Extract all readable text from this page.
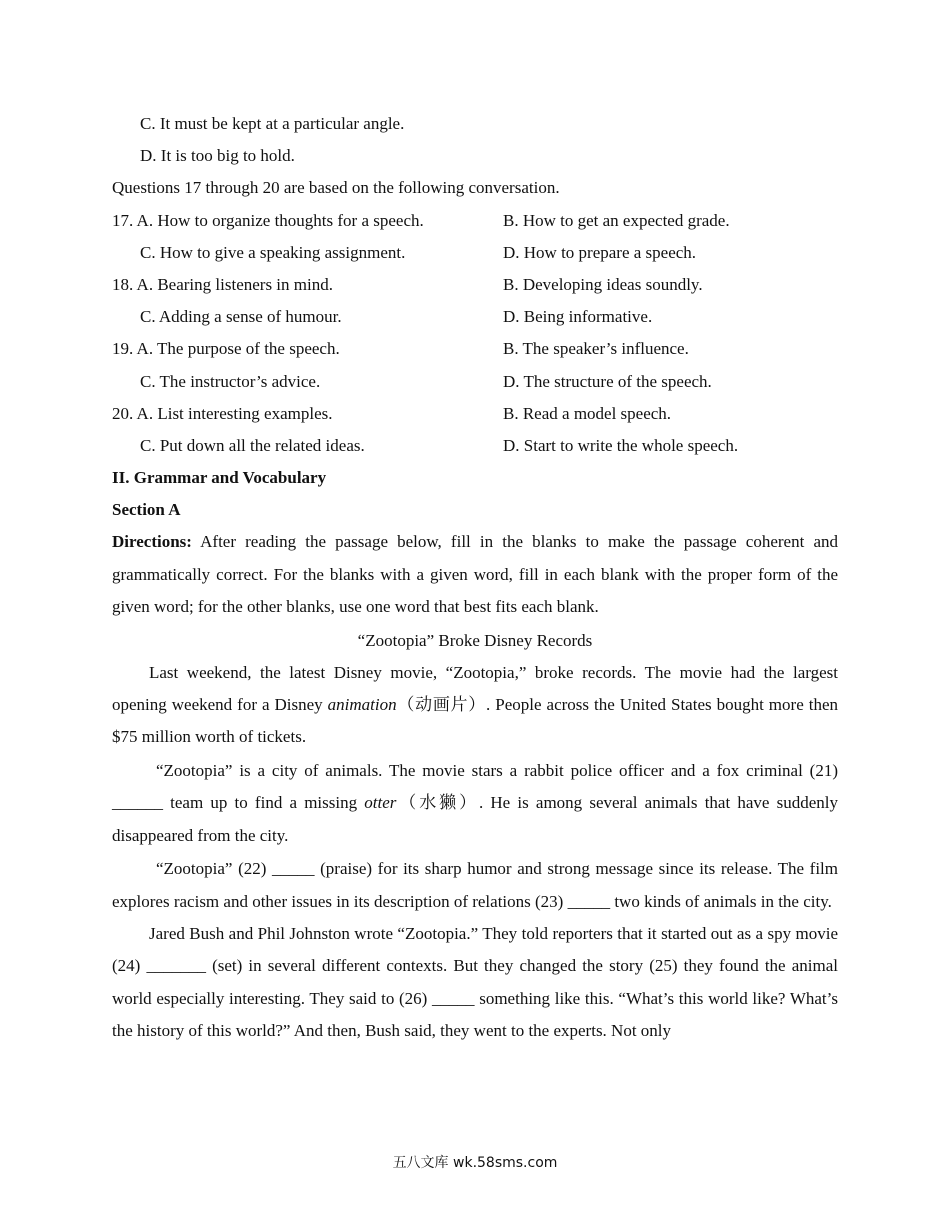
C. It must be kept at a particular angle.
D. It is too big to hold.
Questions 17 through 20 are based on the following conversation.
17. A. How to organize thoughts for a speech.	B. How to get an expected grade.
C. How to give a speaking assignment.	D. How to prepare a speech.
18. A. Bearing listeners in mind.	B. Developing ideas soundly.
C. Adding a sense of humour.	D. Being informative.
19. A. The purpose of the speech.	B. The speaker’s influence.
C. The instructor’s advice.	D. The structure of the speech.
20. A. List interesting examples.	B. Read a model speech.
C. Put down all the related ideas.	D. Start to write the whole speech.
II. Grammar and Vocabulary
Section A

Directions: After reading the passage below, fill in the blanks to make the passage coherent and grammatically correct. For the blanks with a given word, fill in each blank with the proper form of the given word; for the other blanks, use one word that best fits each blank.

“Zootopia” Broke Disney Records

Last weekend, the latest Disney movie, “Zootopia,” broke records. The movie had the largest opening weekend for a Disney animation（动画片）. People across the United States bought more then $75 million worth of tickets.

“Zootopia” is a city of animals. The movie stars a rabbit police officer and a fox criminal (21) ______ team up to find a missing otter（水獭）. He is among several animals that have suddenly disappeared from the city.

“Zootopia” (22) _____ (praise) for its sharp humor and strong message since its release. The film explores racism and other issues in its description of relations (23) _____ two kinds of animals in the city.

Jared Bush and Phil Johnston wrote “Zootopia.” They told reporters that it started out as a spy movie (24) _______ (set) in several different contexts. But they changed the story (25) they found the animal world especially interesting. They said to (26) _____ something like this. “What’s this world like? What’s the history of this world?” And then, Bush said, they went to the experts. Not only

五八文库 wk.58sms.com
